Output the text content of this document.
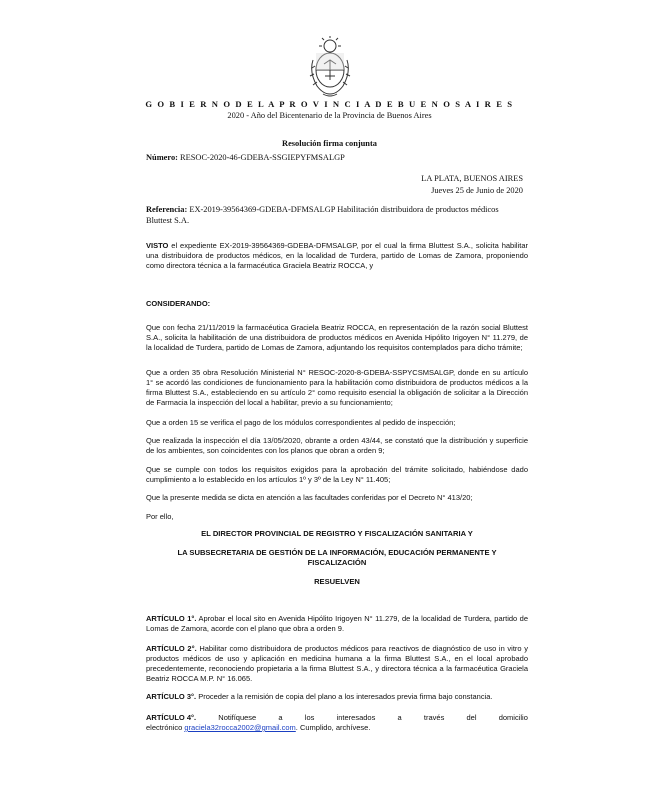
G O B I E R N O D E L A P R O V I N C I A D E B U E N O S A I R E S
2020 - Año del Bicentenario de la Provincia de Buenos Aires
Resolución firma conjunta
Número: RESOC-2020-46-GDEBA-SSGIEPYFMSALGP
LA PLATA, BUENOS AIRES
Jueves 25 de Junio de 2020
Referencia: EX-2019-39564369-GDEBA-DFMSALGP Habilitación distribuidora de productos médicos Bluttest S.A.
VISTO el expediente EX-2019-39564369-GDEBA-DFMSALGP, por el cual la firma Bluttest S.A., solicita habilitar una distribuidora de productos médicos, en la localidad de Turdera, partido de Lomas de Zamora, proponiendo como directora técnica a la farmacéutica Graciela Beatriz ROCCA, y
CONSIDERANDO:
Que con fecha 21/11/2019 la farmacéutica Graciela Beatriz ROCCA, en representación de la razón social Bluttest S.A., solicita la habilitación de una distribuidora de productos médicos en Avenida Hipólito Irigoyen N° 11.279, de la localidad de Turdera, partido de Lomas de Zamora, adjuntando los requisitos contemplados para dicho trámite;
Que a orden 35 obra Resolución Ministerial N° RESOC-2020-8-GDEBA-SSPYCSMSALGP, donde en su artículo 1° se acordó las condiciones de funcionamiento para la habilitación como distribuidora de productos médicos a la firma Bluttest S.A., estableciendo en su artículo 2° como requisito esencial la obligación de solicitar a la Dirección de Farmacia la inspección del local a habilitar, previo a su funcionamiento;
Que a orden 15 se verifica el pago de los módulos correspondientes al pedido de inspección;
Que realizada la inspección el día 13/05/2020, obrante a orden 43/44, se constató que la distribución y superficie de los ambientes, son coincidentes con los planos que obran a orden 9;
Que se cumple con todos los requisitos exigidos para la aprobación del trámite solicitado, habiéndose dado cumplimiento a lo establecido en los artículos 1º y 3º de la Ley N° 11.405;
Que la presente medida se dicta en atención a las facultades conferidas por el Decreto N° 413/20;
Por ello,
EL DIRECTOR PROVINCIAL DE REGISTRO Y FISCALIZACIÓN SANITARIA Y
LA SUBSECRETARIA DE GESTIÓN DE LA INFORMACIÓN, EDUCACIÓN PERMANENTE Y FISCALIZACIÓN
RESUELVEN
ARTÍCULO 1°. Aprobar el local sito en Avenida Hipólito Irigoyen N° 11.279, de la localidad de Turdera, partido de Lomas de Zamora, acorde con el plano que obra a orden 9.
ARTÍCULO 2°. Habilitar como distribuidora de productos médicos para reactivos de diagnóstico de uso in vitro y productos médicos de uso y aplicación en medicina humana a la firma Bluttest S.A., en el local aprobado precedentemente, reconociendo propietaria a la firma Bluttest S.A., y directora técnica a la farmacéutica Graciela Beatriz ROCCA M.P. N° 16.065.
ARTÍCULO 3°. Proceder a la remisión de copia del plano a los interesados previa firma bajo constancia.
ARTÍCULO 4°.	Notifíquese	a	los	interesados	a	través	del	domicilio
electrónico graciela32rocca2002@gmail.com. Cumplido, archívese.
